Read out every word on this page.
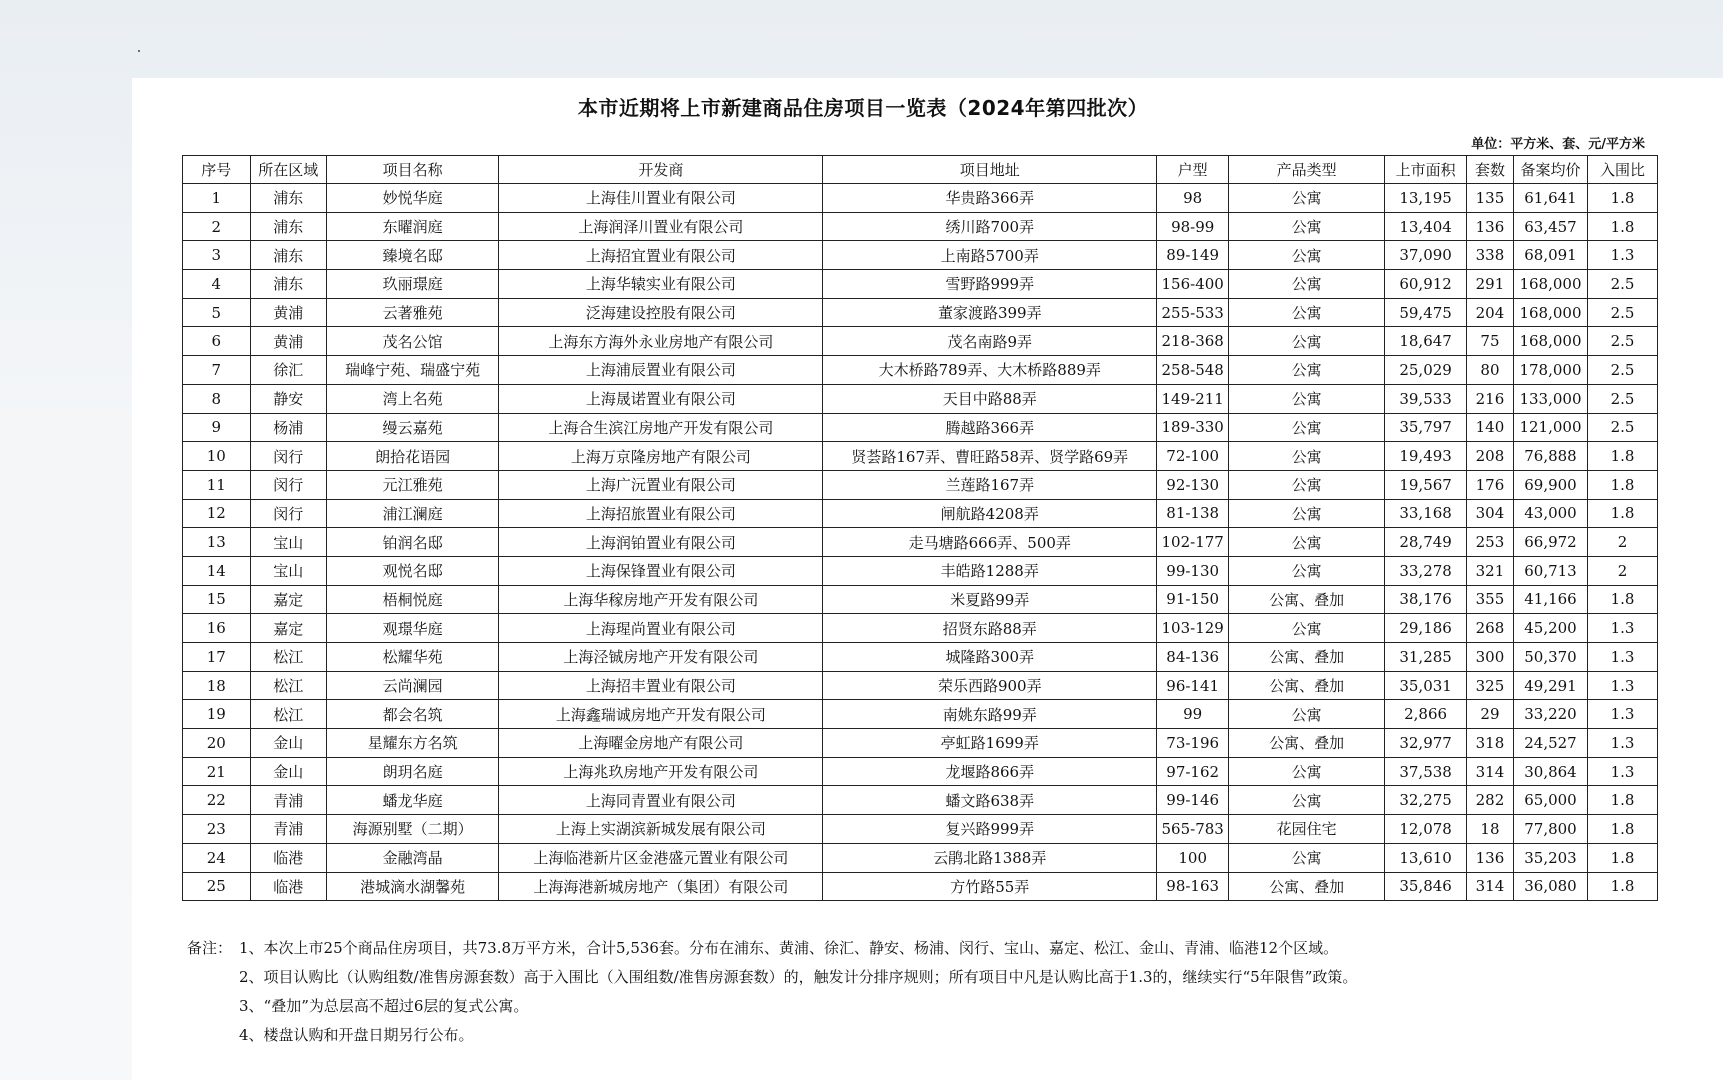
本市近期将上市新建商品住房项目一览表（2024年第四批次）
单位：平方米、套、元/平方米
序号	所在区域	项目名称	开发商	项目地址	户型	产品类型	上市面积	套数	备案均价	入围比
1	浦东	妙悦华庭	上海佳川置业有限公司	华贵路366弄	98	公寓	13,195	135	61,641	1.8
2	浦东	东曜润庭	上海润泽川置业有限公司	绣川路700弄	98-99	公寓	13,404	136	63,457	1.8
3	浦东	臻境名邸	上海招宜置业有限公司	上南路5700弄	89-149	公寓	37,090	338	68,091	1.3
4	浦东	玖丽璟庭	上海华辕实业有限公司	雪野路999弄	156-400	公寓	60,912	291	168,000	2.5
5	黄浦	云著雅苑	泛海建设控股有限公司	董家渡路399弄	255-533	公寓	59,475	204	168,000	2.5
6	黄浦	茂名公馆	上海东方海外永业房地产有限公司	茂名南路9弄	218-368	公寓	18,647	75	168,000	2.5
7	徐汇	瑞峰宁苑、瑞盛宁苑	上海浦辰置业有限公司	大木桥路789弄、大木桥路889弄	258-548	公寓	25,029	80	178,000	2.5
8	静安	湾上名苑	上海晟诺置业有限公司	天目中路88弄	149-211	公寓	39,533	216	133,000	2.5
9	杨浦	缦云嘉苑	上海合生滨江房地产开发有限公司	腾越路366弄	189-330	公寓	35,797	140	121,000	2.5
10	闵行	朗拾花语园	上海万京隆房地产有限公司	贤荟路167弄、曹旺路58弄、贤学路69弄	72-100	公寓	19,493	208	76,888	1.8
11	闵行	元江雅苑	上海广沅置业有限公司	兰莲路167弄	92-130	公寓	19,567	176	69,900	1.8
12	闵行	浦江澜庭	上海招旅置业有限公司	闸航路4208弄	81-138	公寓	33,168	304	43,000	1.8
13	宝山	铂润名邸	上海润铂置业有限公司	走马塘路666弄、500弄	102-177	公寓	28,749	253	66,972	2
14	宝山	观悦名邸	上海保锋置业有限公司	丰皓路1288弄	99-130	公寓	33,278	321	60,713	2
15	嘉定	梧桐悦庭	上海华稼房地产开发有限公司	米夏路99弄	91-150	公寓、叠加	38,176	355	41,166	1.8
16	嘉定	观璟华庭	上海瑆尚置业有限公司	招贤东路88弄	103-129	公寓	29,186	268	45,200	1.3
17	松江	松耀华苑	上海泾铖房地产开发有限公司	城隆路300弄	84-136	公寓、叠加	31,285	300	50,370	1.3
18	松江	云尚澜园	上海招丰置业有限公司	荣乐西路900弄	96-141	公寓、叠加	35,031	325	49,291	1.3
19	松江	都会名筑	上海鑫瑞诚房地产开发有限公司	南姚东路99弄	99	公寓	2,866	29	33,220	1.3
20	金山	星耀东方名筑	上海曜金房地产有限公司	亭虹路1699弄	73-196	公寓、叠加	32,977	318	24,527	1.3
21	金山	朗玥名庭	上海兆玖房地产开发有限公司	龙堰路866弄	97-162	公寓	37,538	314	30,864	1.3
22	青浦	蟠龙华庭	上海同青置业有限公司	蟠文路638弄	99-146	公寓	32,275	282	65,000	1.8
23	青浦	海源别墅（二期）	上海上实湖滨新城发展有限公司	复兴路999弄	565-783	花园住宅	12,078	18	77,800	1.8
24	临港	金融湾晶	上海临港新片区金港盛元置业有限公司	云鹃北路1388弄	100	公寓	13,610	136	35,203	1.8
25	临港	港城滴水湖馨苑	上海海港新城房地产（集团）有限公司	方竹路55弄	98-163	公寓、叠加	35,846	314	36,080	1.8
备注： 1、本次上市25个商品住房项目，共73.8万平方米，合计5,536套。分布在浦东、黄浦、徐汇、静安、杨浦、闵行、宝山、嘉定、松江、金山、青浦、临港12个区域。
2、项目认购比（认购组数/准售房源套数）高于入围比（入围组数/准售房源套数）的，触发计分排序规则；所有项目中凡是认购比高于1.3的，继续实行“5年限售”政策。
3、“叠加”为总层高不超过6层的复式公寓。
4、楼盘认购和开盘日期另行公布。
